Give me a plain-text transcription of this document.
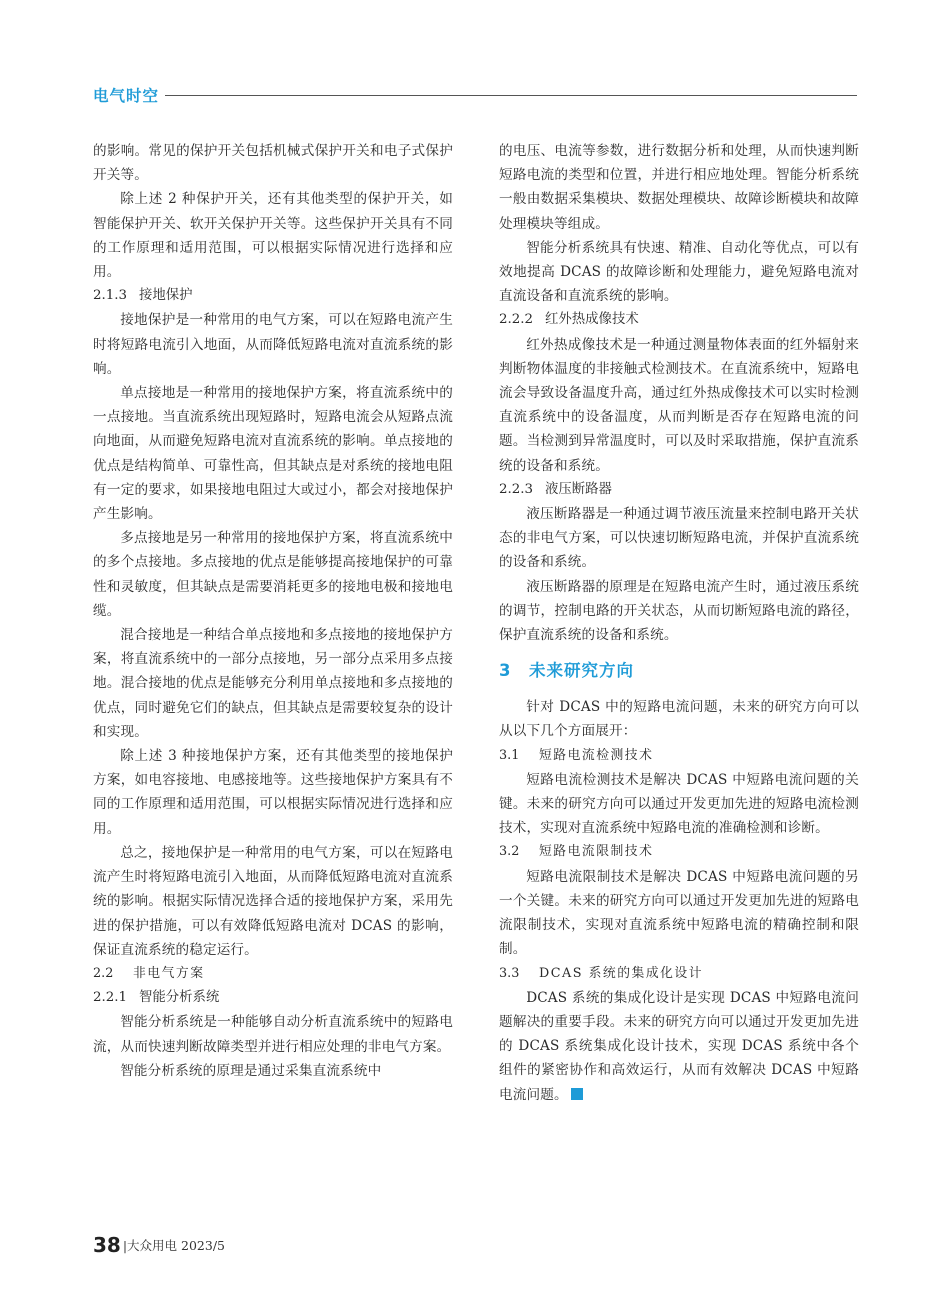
电气时空

的影响。常见的保护开关包括机械式保护开关和电子式保护开关等。

除上述 2 种保护开关，还有其他类型的保护开关，如智能保护开关、软开关保护开关等。这些保护开关具有不同的工作原理和适用范围，可以根据实际情况进行选择和应用。

2.1.3 接地保护

接地保护是一种常用的电气方案，可以在短路电流产生时将短路电流引入地面，从而降低短路电流对直流系统的影响。

单点接地是一种常用的接地保护方案，将直流系统中的一点接地。当直流系统出现短路时，短路电流会从短路点流向地面，从而避免短路电流对直流系统的影响。单点接地的优点是结构简单、可靠性高，但其缺点是对系统的接地电阻有一定的要求，如果接地电阻过大或过小，都会对接地保护产生影响。

多点接地是另一种常用的接地保护方案，将直流系统中的多个点接地。多点接地的优点是能够提高接地保护的可靠性和灵敏度，但其缺点是需要消耗更多的接地电极和接地电缆。

混合接地是一种结合单点接地和多点接地的接地保护方案，将直流系统中的一部分点接地，另一部分点采用多点接地。混合接地的优点是能够充分利用单点接地和多点接地的优点，同时避免它们的缺点，但其缺点是需要较复杂的设计和实现。

除上述 3 种接地保护方案，还有其他类型的接地保护方案，如电容接地、电感接地等。这些接地保护方案具有不同的工作原理和适用范围，可以根据实际情况进行选择和应用。

总之，接地保护是一种常用的电气方案，可以在短路电流产生时将短路电流引入地面，从而降低短路电流对直流系统的影响。根据实际情况选择合适的接地保护方案，采用先进的保护措施，可以有效降低短路电流对 DCAS 的影响，保证直流系统的稳定运行。

2.2 非电气方案
2.2.1 智能分析系统

智能分析系统是一种能够自动分析直流系统中的短路电流，从而快速判断故障类型并进行相应处理的非电气方案。

智能分析系统的原理是通过采集直流系统中

的电压、电流等参数，进行数据分析和处理，从而快速判断短路电流的类型和位置，并进行相应地处理。智能分析系统一般由数据采集模块、数据处理模块、故障诊断模块和故障处理模块等组成。

智能分析系统具有快速、精准、自动化等优点，可以有效地提高 DCAS 的故障诊断和处理能力，避免短路电流对直流设备和直流系统的影响。

2.2.2 红外热成像技术

红外热成像技术是一种通过测量物体表面的红外辐射来判断物体温度的非接触式检测技术。在直流系统中，短路电流会导致设备温度升高，通过红外热成像技术可以实时检测直流系统中的设备温度，从而判断是否存在短路电流的问题。当检测到异常温度时，可以及时采取措施，保护直流系统的设备和系统。

2.2.3 液压断路器

液压断路器是一种通过调节液压流量来控制电路开关状态的非电气方案，可以快速切断短路电流，并保护直流系统的设备和系统。

液压断路器的原理是在短路电流产生时，通过液压系统的调节，控制电路的开关状态，从而切断短路电流的路径，保护直流系统的设备和系统。

3 未来研究方向

针对 DCAS 中的短路电流问题，未来的研究方向可以从以下几个方面展开：

3.1 短路电流检测技术

短路电流检测技术是解决 DCAS 中短路电流问题的关键。未来的研究方向可以通过开发更加先进的短路电流检测技术，实现对直流系统中短路电流的准确检测和诊断。

3.2 短路电流限制技术

短路电流限制技术是解决 DCAS 中短路电流问题的另一个关键。未来的研究方向可以通过开发更加先进的短路电流限制技术，实现对直流系统中短路电流的精确控制和限制。

3.3 DCAS 系统的集成化设计

DCAS 系统的集成化设计是实现 DCAS 中短路电流问题解决的重要手段。未来的研究方向可以通过开发更加先进的 DCAS 系统集成化设计技术，实现 DCAS 系统中各个组件的紧密协作和高效运行，从而有效解决 DCAS 中短路电流问题。

38 |大众用电 2023/5
